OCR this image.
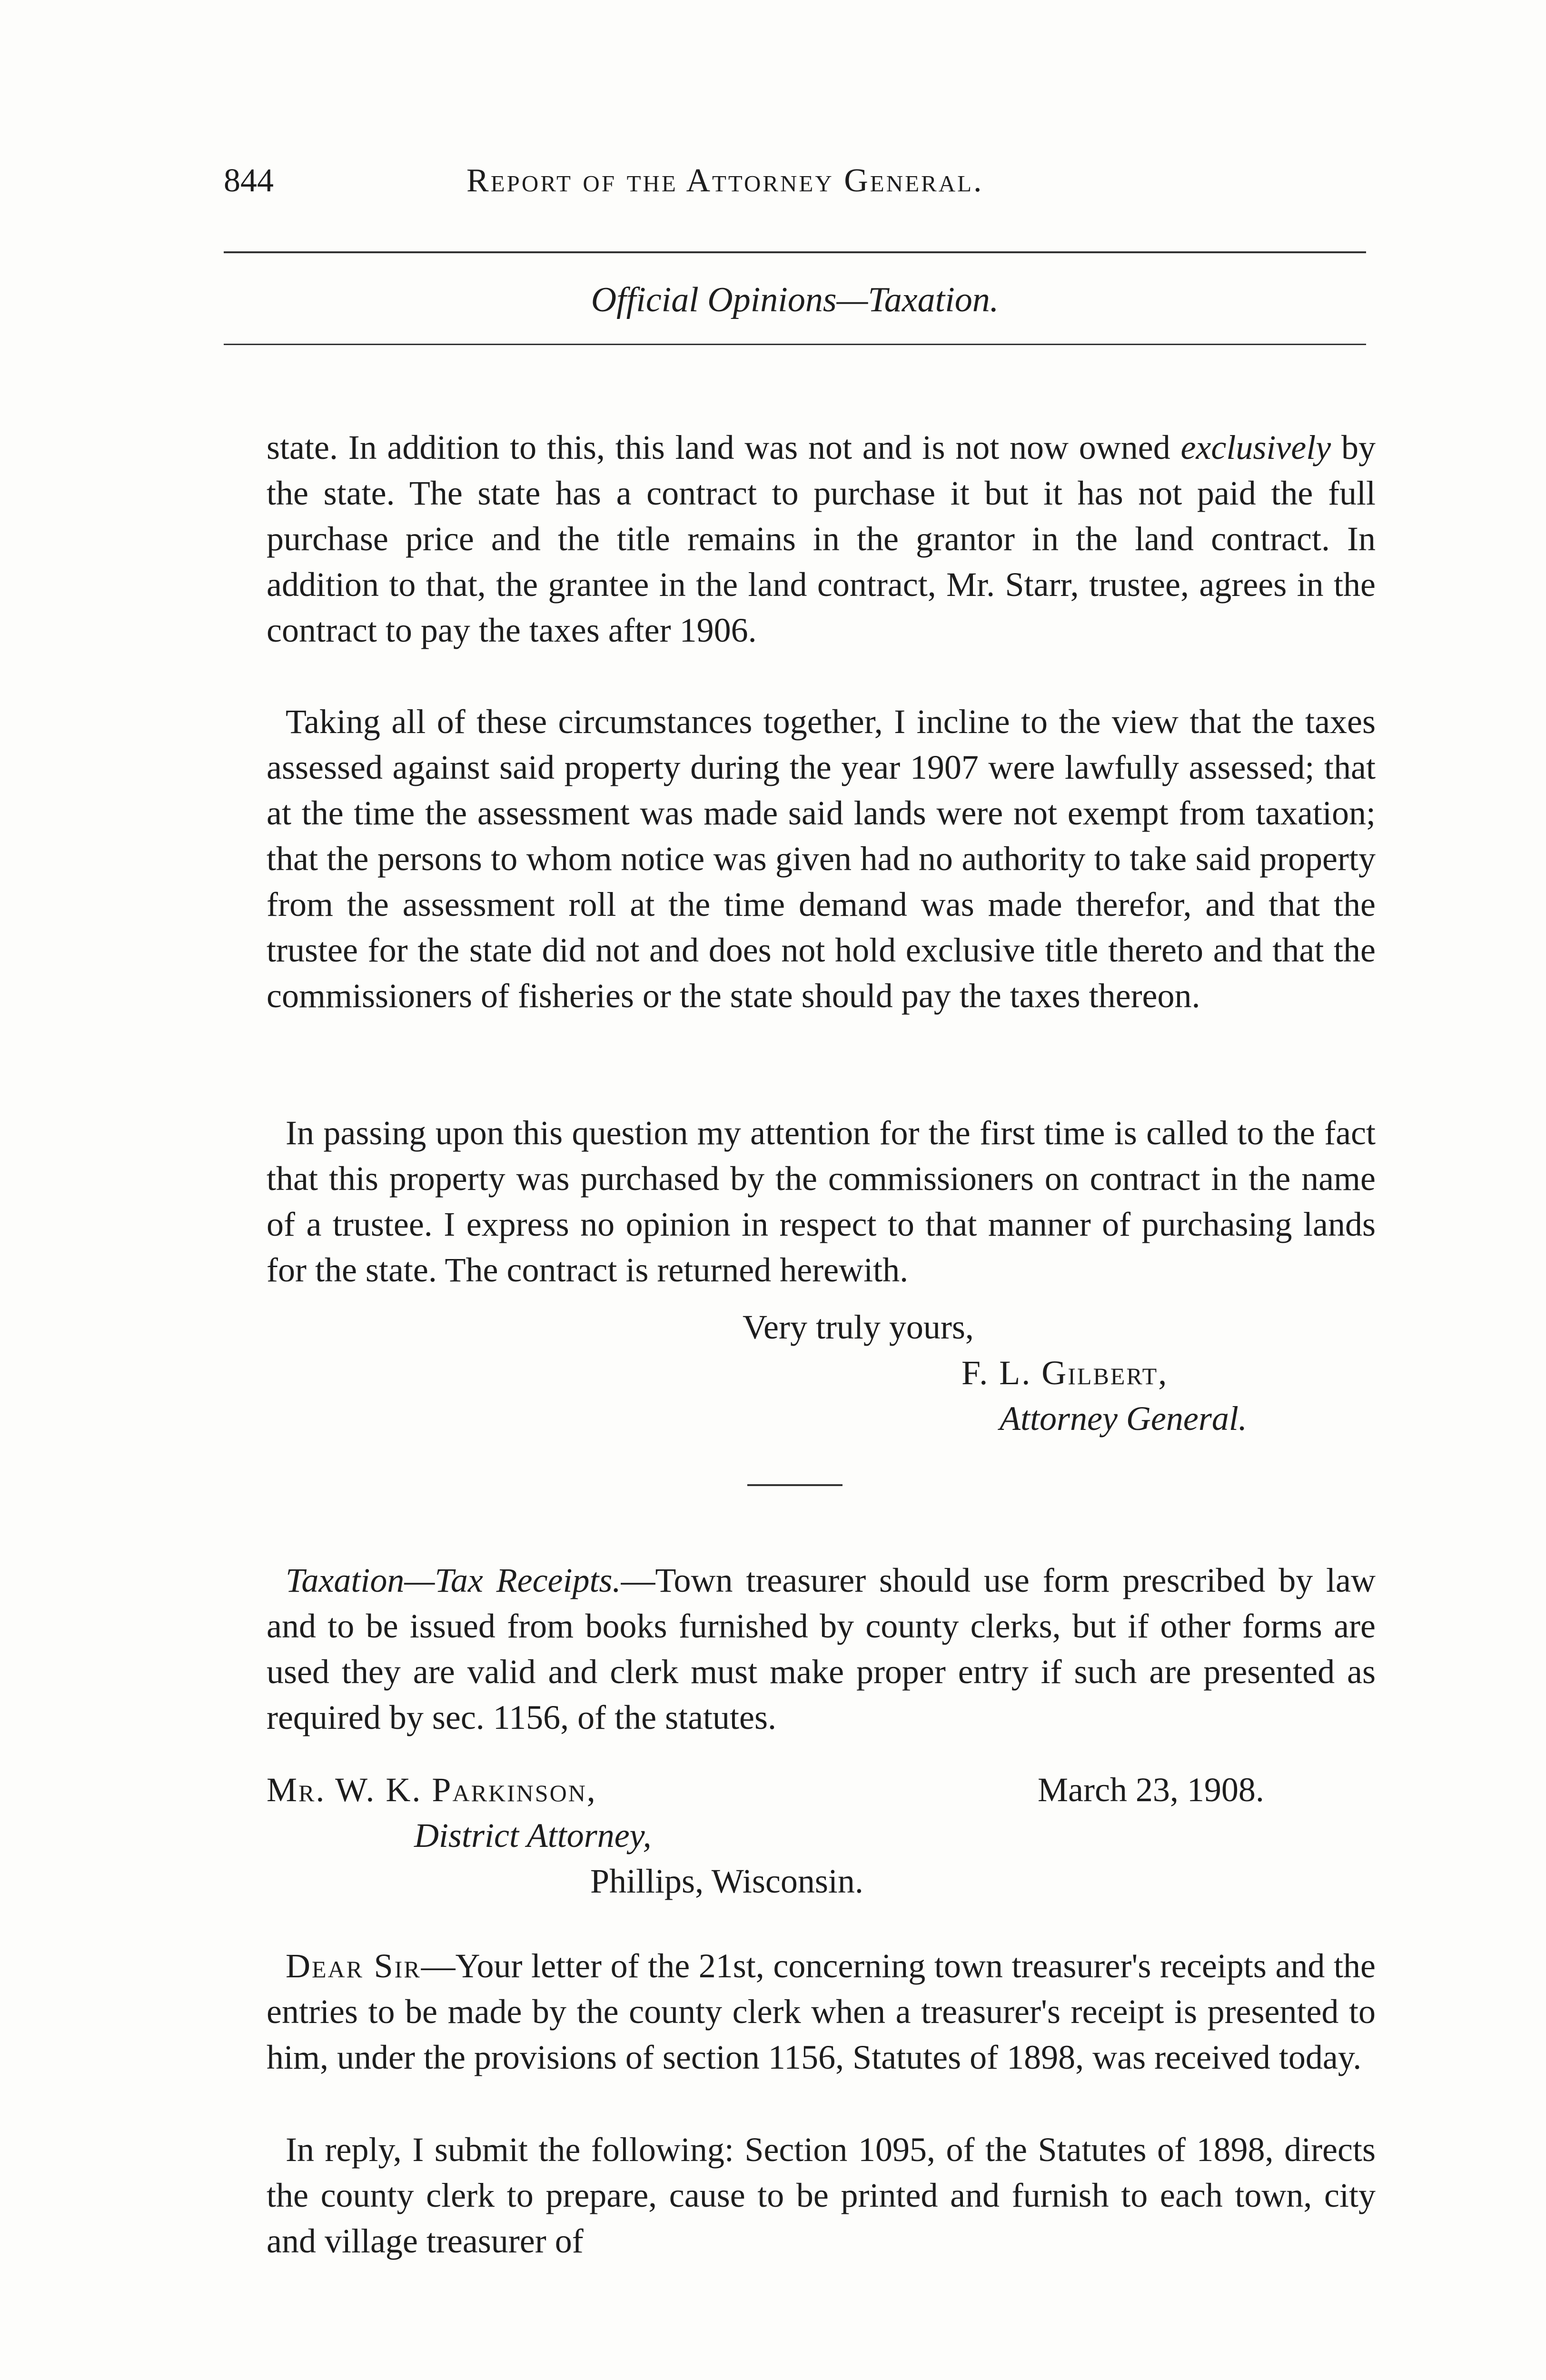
844	Report of the Attorney General.
Official Opinions—Taxation.

state. In addition to this, this land was not and is not now owned exclusively by the state. The state has a contract to purchase it but it has not paid the full purchase price and the title remains in the grantor in the land contract. In addition to that, the grantee in the land contract, Mr. Starr, trustee, agrees in the contract to pay the taxes after 1906.

Taking all of these circumstances together, I incline to the view that the taxes assessed against said property during the year 1907 were lawfully assessed; that at the time the assessment was made said lands were not exempt from taxation; that the persons to whom notice was given had no authority to take said property from the assessment roll at the time demand was made therefor, and that the trustee for the state did not and does not hold exclusive title thereto and that the commissioners of fisheries or the state should pay the taxes thereon.

In passing upon this question my attention for the first time is called to the fact that this property was purchased by the commissioners on contract in the name of a trustee. I express no opinion in respect to that manner of purchasing lands for the state. The contract is returned herewith.

Very truly yours,
F. L. Gilbert,
Attorney General.

Taxation—Tax Receipts.—Town treasurer should use form prescribed by law and to be issued from books furnished by county clerks, but if other forms are used they are valid and clerk must make proper entry if such are presented as required by sec. 1156, of the statutes.

Mr. W. K. Parkinson,	March 23, 1908.
District Attorney,
Phillips, Wisconsin.

Dear Sir—Your letter of the 21st, concerning town treasurer's receipts and the entries to be made by the county clerk when a treasurer's receipt is presented to him, under the provisions of section 1156, Statutes of 1898, was received today.

In reply, I submit the following: Section 1095, of the Statutes of 1898, directs the county clerk to prepare, cause to be printed and furnish to each town, city and village treasurer of
